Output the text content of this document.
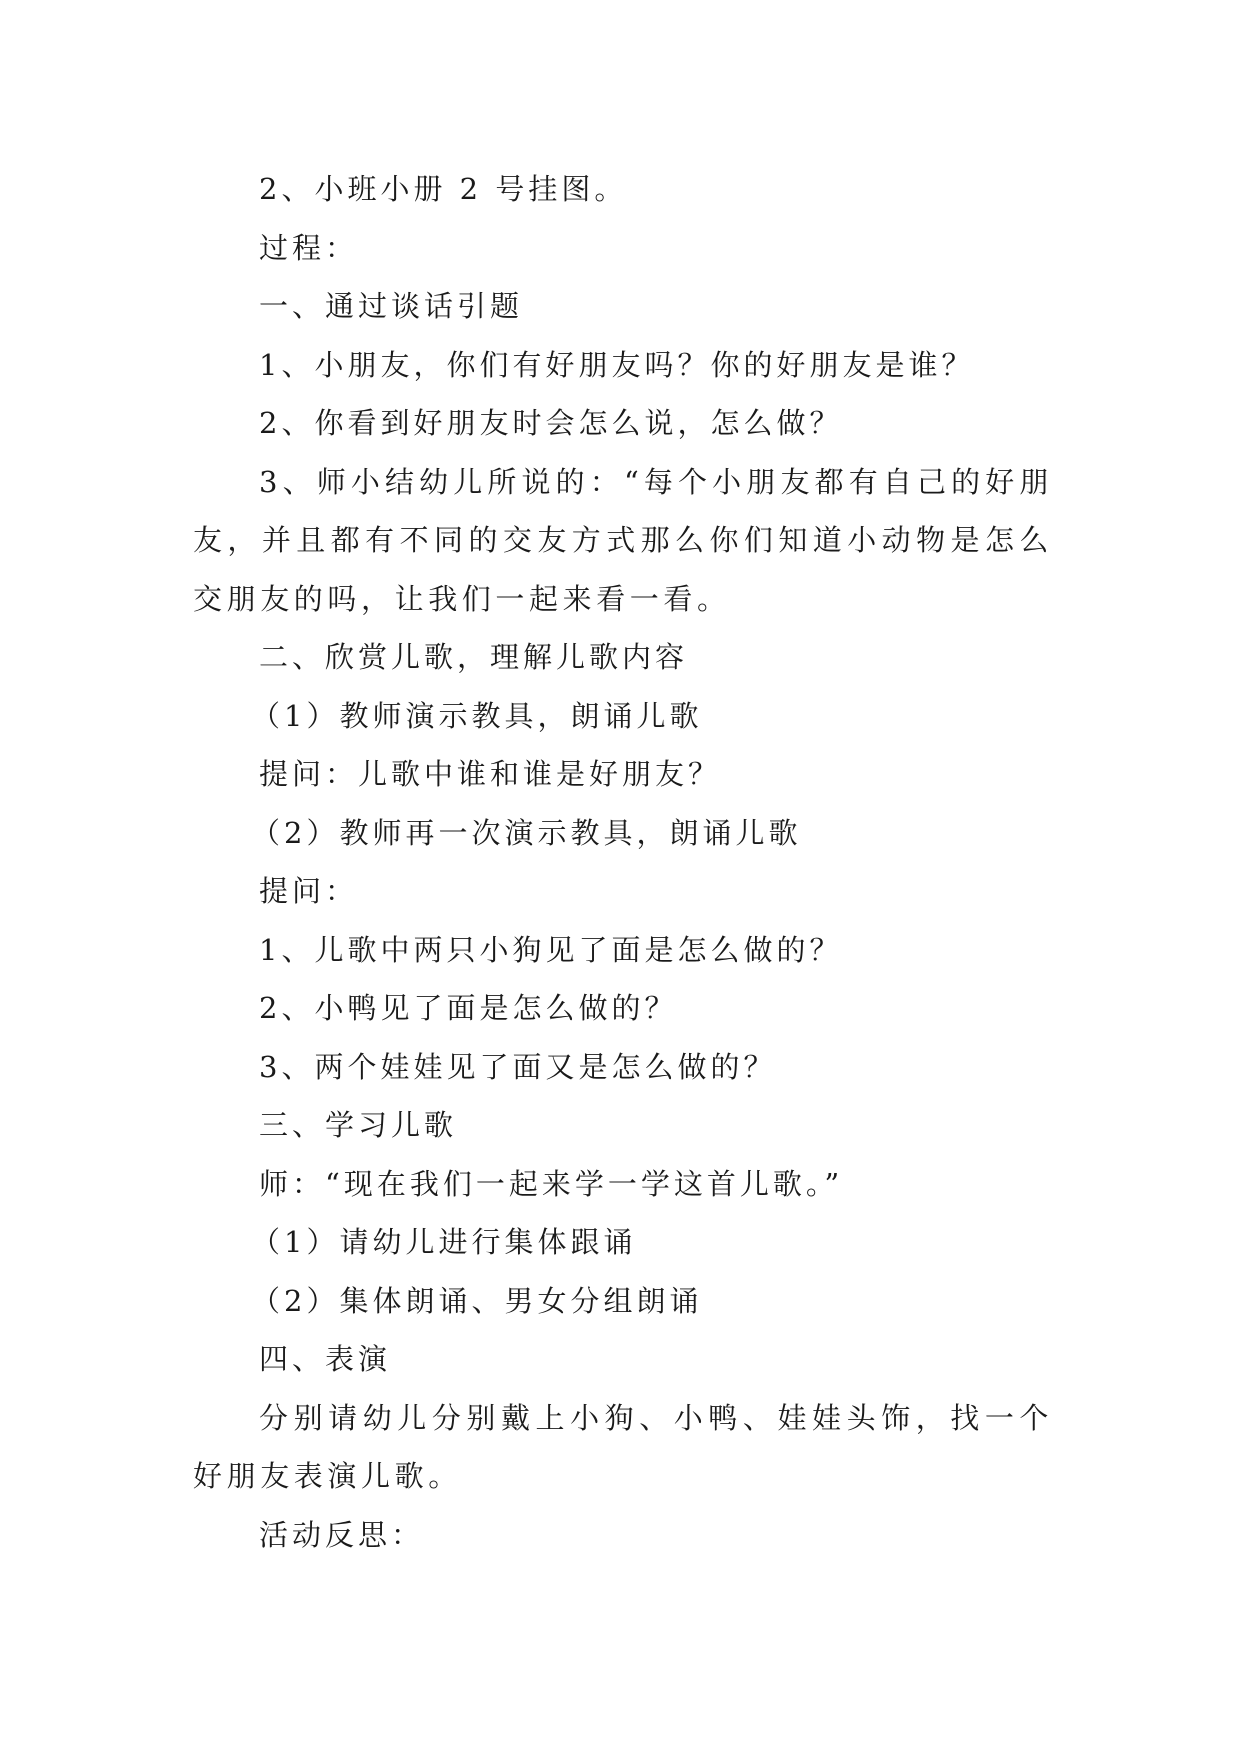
2、小班小册 2 号挂图。

过程：

一、通过谈话引题

1、小朋友，你们有好朋友吗？你的好朋友是谁？

2、你看到好朋友时会怎么说，怎么做？

3、师小结幼儿所说的：“每个小朋友都有自己的好朋友，并且都有不同的交友方式那么你们知道小动物是怎么交朋友的吗，让我们一起来看一看。

二、欣赏儿歌，理解儿歌内容

（1）教师演示教具，朗诵儿歌

提问：儿歌中谁和谁是好朋友？

（2）教师再一次演示教具，朗诵儿歌

提问：

1、儿歌中两只小狗见了面是怎么做的？

2、小鸭见了面是怎么做的？

3、两个娃娃见了面又是怎么做的？

三、学习儿歌

师：“现在我们一起来学一学这首儿歌。”

（1）请幼儿进行集体跟诵

（2）集体朗诵、男女分组朗诵

四、表演

分别请幼儿分别戴上小狗、小鸭、娃娃头饰，找一个好朋友表演儿歌。

活动反思：
